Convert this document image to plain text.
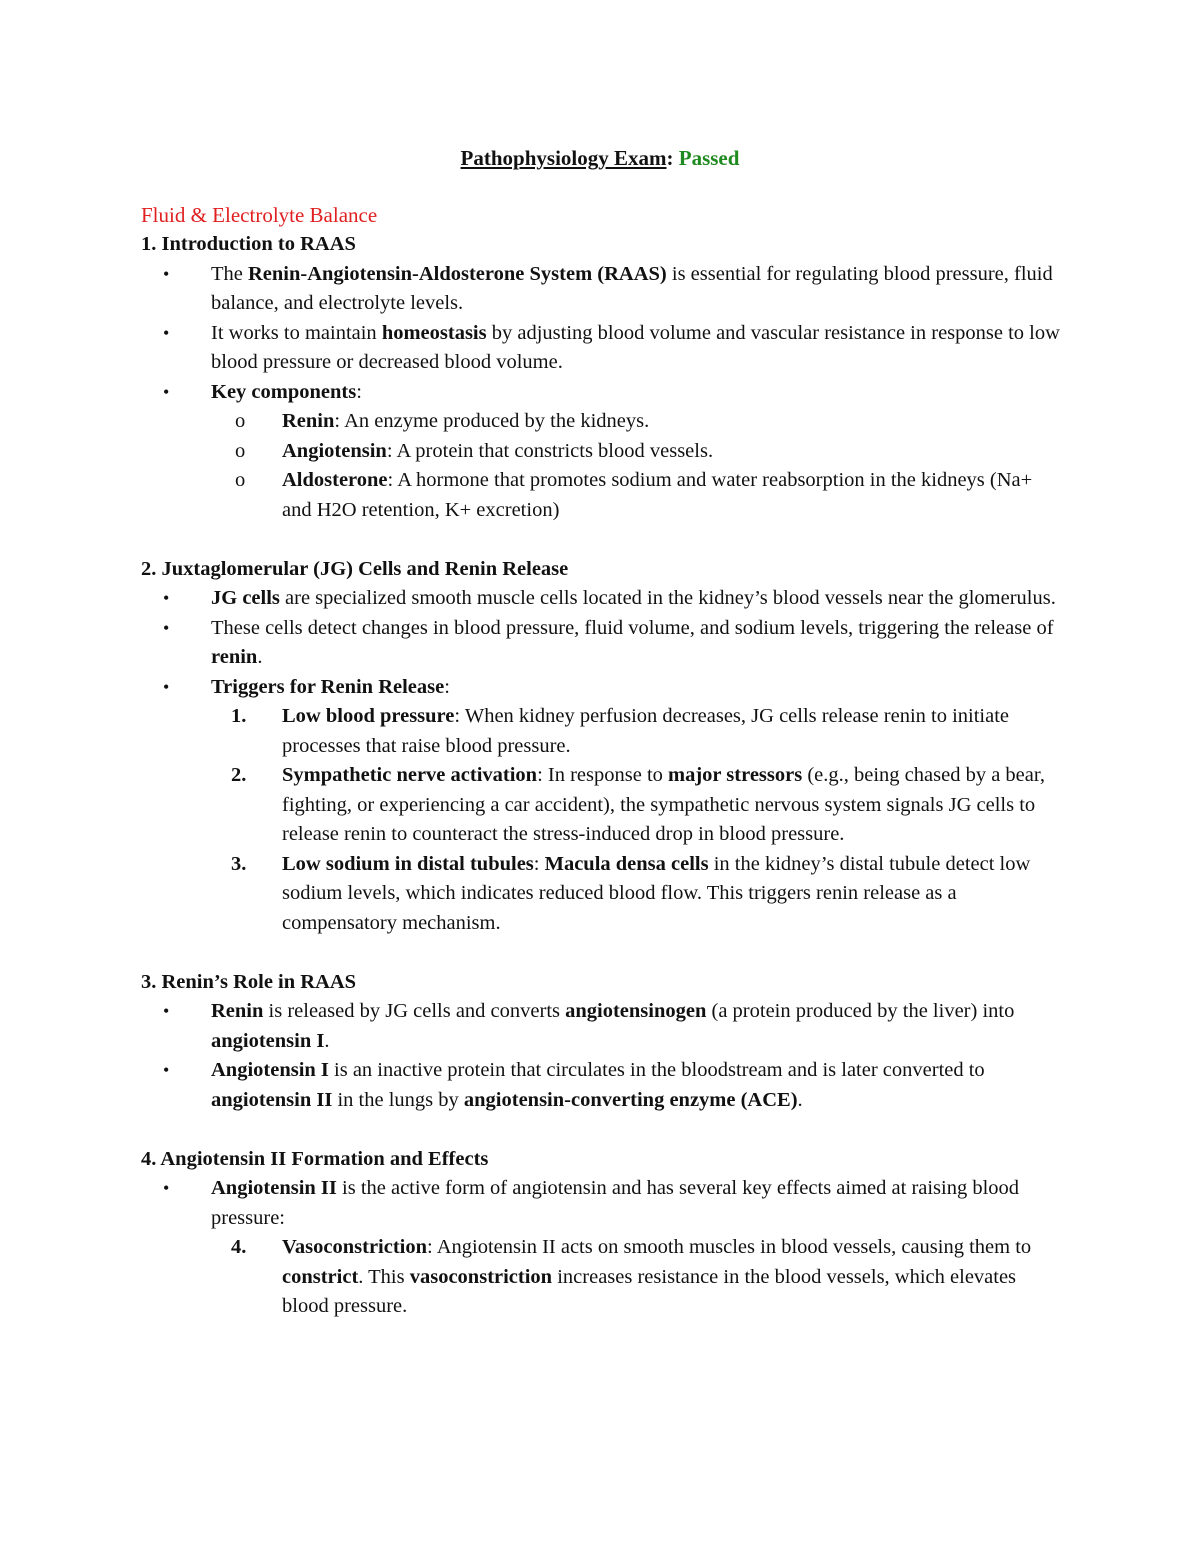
Pathophysiology Exam: Passed
Fluid & Electrolyte Balance
1. Introduction to RAAS
• The Renin-Angiotensin-Aldosterone System (RAAS) is essential for regulating blood pressure, fluid balance, and electrolyte levels.
• It works to maintain homeostasis by adjusting blood volume and vascular resistance in response to low blood pressure or decreased blood volume.
• Key components:
o Renin: An enzyme produced by the kidneys.
o Angiotensin: A protein that constricts blood vessels.
o Aldosterone: A hormone that promotes sodium and water reabsorption in the kidneys (Na+ and H2O retention, K+ excretion)
2. Juxtaglomerular (JG) Cells and Renin Release
• JG cells are specialized smooth muscle cells located in the kidney’s blood vessels near the glomerulus.
• These cells detect changes in blood pressure, fluid volume, and sodium levels, triggering the release of renin.
• Triggers for Renin Release:
1. Low blood pressure: When kidney perfusion decreases, JG cells release renin to initiate processes that raise blood pressure.
2. Sympathetic nerve activation: In response to major stressors (e.g., being chased by a bear, fighting, or experiencing a car accident), the sympathetic nervous system signals JG cells to release renin to counteract the stress-induced drop in blood pressure.
3. Low sodium in distal tubules: Macula densa cells in the kidney’s distal tubule detect low sodium levels, which indicates reduced blood flow. This triggers renin release as a compensatory mechanism.
3. Renin’s Role in RAAS
• Renin is released by JG cells and converts angiotensinogen (a protein produced by the liver) into angiotensin I.
• Angiotensin I is an inactive protein that circulates in the bloodstream and is later converted to angiotensin II in the lungs by angiotensin-converting enzyme (ACE).
4. Angiotensin II Formation and Effects
• Angiotensin II is the active form of angiotensin and has several key effects aimed at raising blood pressure:
4. Vasoconstriction: Angiotensin II acts on smooth muscles in blood vessels, causing them to constrict. This vasoconstriction increases resistance in the blood vessels, which elevates blood pressure.
